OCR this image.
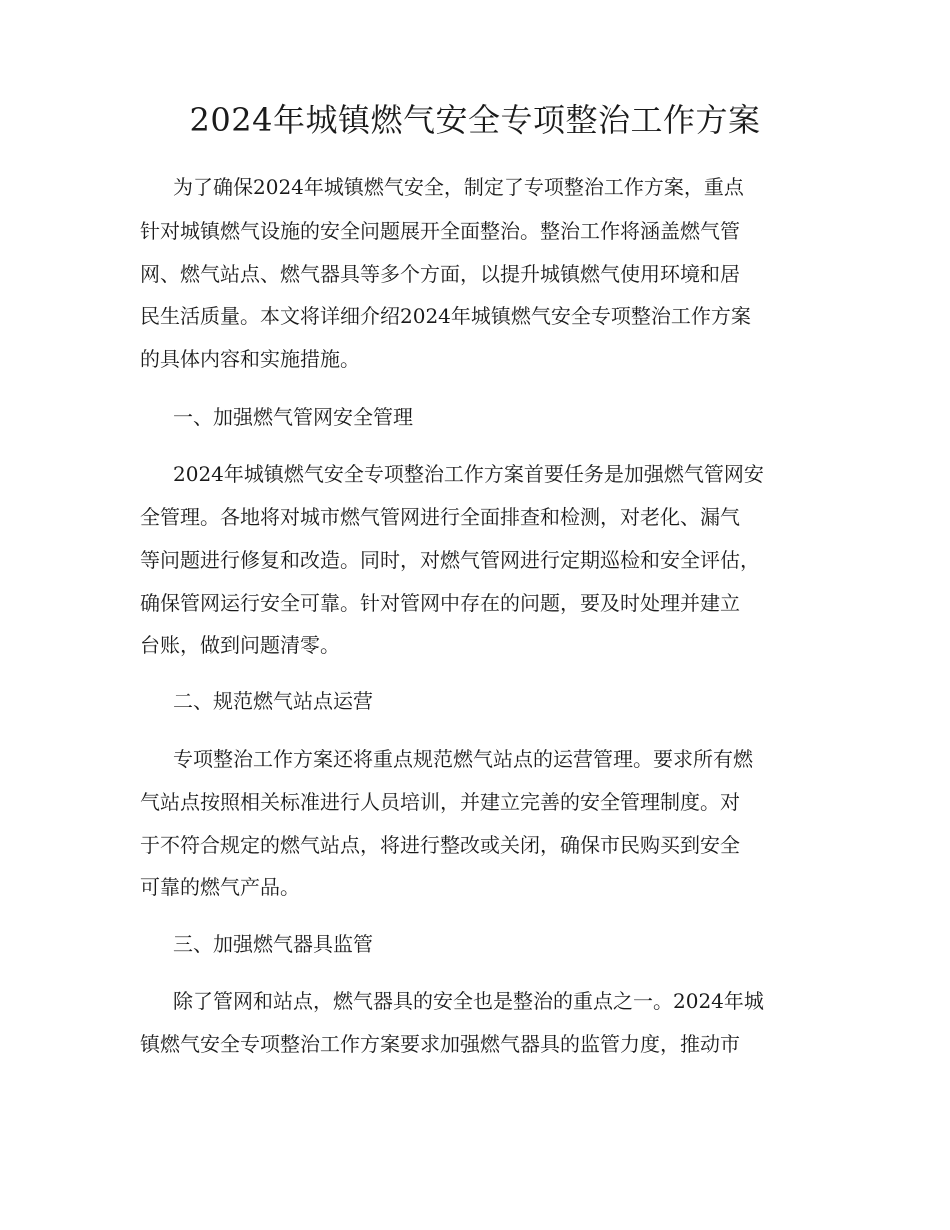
2024年城镇燃气安全专项整治工作方案

为了确保2024年城镇燃气安全，制定了专项整治工作方案，重点

针对城镇燃气设施的安全问题展开全面整治。整治工作将涵盖燃气管

网、燃气站点、燃气器具等多个方面，以提升城镇燃气使用环境和居

民生活质量。本文将详细介绍2024年城镇燃气安全专项整治工作方案

的具体内容和实施措施。

一、加强燃气管网安全管理

2024年城镇燃气安全专项整治工作方案首要任务是加强燃气管网安

全管理。各地将对城市燃气管网进行全面排查和检测，对老化、漏气

等问题进行修复和改造。同时，对燃气管网进行定期巡检和安全评估，

确保管网运行安全可靠。针对管网中存在的问题，要及时处理并建立

台账，做到问题清零。

二、规范燃气站点运营

专项整治工作方案还将重点规范燃气站点的运营管理。要求所有燃

气站点按照相关标准进行人员培训，并建立完善的安全管理制度。对

于不符合规定的燃气站点，将进行整改或关闭，确保市民购买到安全

可靠的燃气产品。

三、加强燃气器具监管

除了管网和站点，燃气器具的安全也是整治的重点之一。2024年城

镇燃气安全专项整治工作方案要求加强燃气器具的监管力度，推动市
